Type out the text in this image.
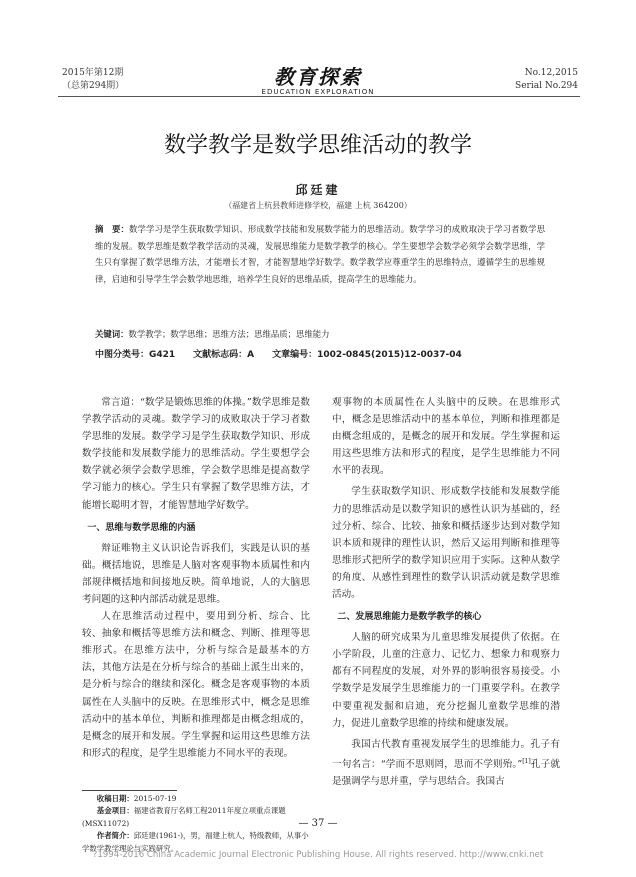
2015年第12期
（总第294期）	教育探索
EDUCATION EXPLORATION
No.12,2015
Serial No.294
数学教学是数学思维活动的教学
邱廷建
（福建省上杭县教师进修学校，福建 上杭 364200）
摘　要：数学学习是学生获取数学知识、形成数学技能和发展数学能力的思维活动。数学学习的成败取决于学习者数学思维的发展。数学思维是数学教学活动的灵魂，发展思维能力是数学教学的核心。学生要想学会数学必须学会数学思维，学生只有掌握了数学思维方法，才能增长才智，才能智慧地学好数学。数学教学应尊重学生的思维特点，遵循学生的思维规律，启迪和引导学生学会数学地思维，培养学生良好的思维品质，提高学生的思维能力。
关键词：数学教学；数学思维；思维方法；思维品质；思维能力
中图分类号：G421　　文献标志码：A　　文章编号：1002-0845(2015)12-0037-04

常言道：“数学是锻炼思维的体操。”数学思维是数学教学活动的灵魂。数学学习的成败取决于学习者数学思维的发展。数学学习是学生获取数学知识、形成数学技能和发展数学能力的思维活动。学生要想学会数学就必须学会数学思维，学会数学思维是提高数学学习能力的核心。学生只有掌握了数学思维方法，才能增长聪明才智，才能智慧地学好数学。

一、思维与数学思维的内涵

辩证唯物主义认识论告诉我们，实践是认识的基础。概括地说，思维是人脑对客观事物本质属性和内部规律概括地和间接地反映。简单地说，人的大脑思考问题的这种内部活动就是思维。

人在思维活动过程中，要用到分析、综合、比较、抽象和概括等思维方法和概念、判断、推理等思维形式。在思维方法中，分析与综合是最基本的方法，其他方法是在分析与综合的基础上派生出来的，是分析与综合的继续和深化。概念是客观事物的本质属性在人头脑中的反映。在思维形式中，概念是思维活动中的基本单位，判断和推理都是由概念组成的，是概念的展开和发展。学生掌握和运用这些思维方法和形式的程度，是学生思维能力不同水平的表现。

观事物的本质属性在人头脑中的反映。在思维形式中，概念是思维活动中的基本单位，判断和推理都是由概念组成的，是概念的展开和发展。学生掌握和运用这些思维方法和形式的程度，是学生思维能力不同水平的表现。

学生获取数学知识、形成数学技能和发展数学能力的思维活动是以数学知识的感性认识为基础的，经过分析、综合、比较、抽象和概括逐步达到对数学知识本质和规律的理性认识，然后又运用判断和推理等思维形式把所学的数学知识应用于实际。这种从数学的角度、从感性到理性的数学认识活动就是数学思维活动。

二、发展思维能力是数学教学的核心

人脑的研究成果为儿童思维发展提供了依据。在小学阶段，儿童的注意力、记忆力、想象力和观察力都有不同程度的发展，对外界的影响很容易接受。小学数学是发展学生思维能力的一门重要学科。在教学中要重视发掘和启迪，充分挖掘儿童数学思维的潜力，促进儿童数学思维的持续和健康发展。

我国古代教育重视发展学生的思维能力。孔子有一句名言：“学而不思则罔，思而不学则殆。”[1]孔子就是强调学与思并重，学与思结合。我国古

收稿日期：2015-07-19
基金项目：福建省教育厅名师工程2011年度立项重点课题(MSX11072)
作者简介：邱廷建(1961-)，男，福建上杭人，特级教师，从事小学数学教学理论与实践研究。
— 37 —
?1994-2016 China Academic Journal Electronic Publishing House. All rights reserved. http://www.cnki.net
